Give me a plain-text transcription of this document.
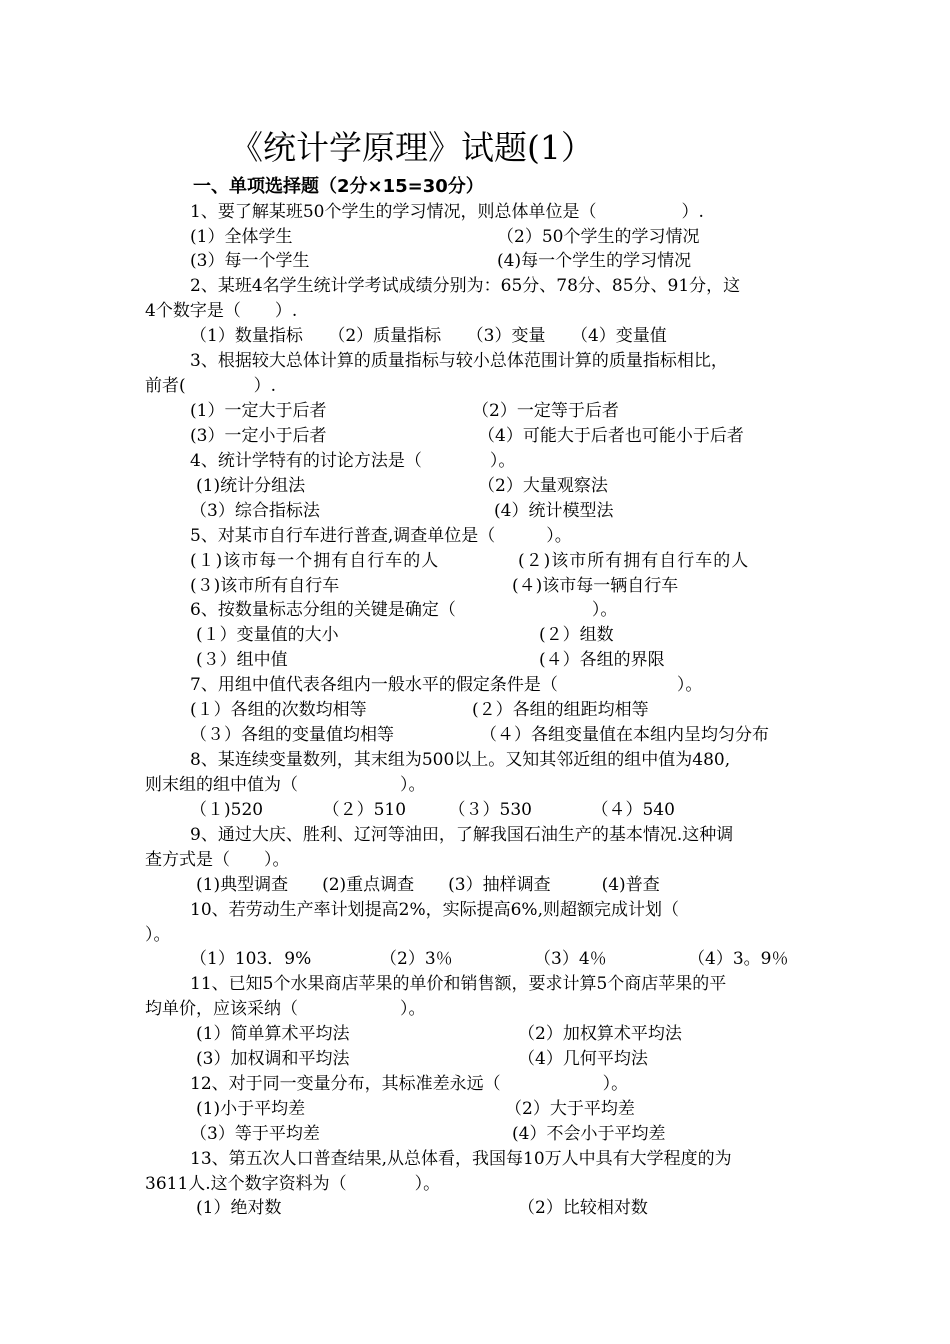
《统计学原理》试题(1）
一、单项选择题（2分×15=30分）
1、要了解某班50个学生的学习情况，则总体单位是（　　　　　）.
(1）全体学生	（2）50个学生的学习情况
(3）每一个学生	(4)每一个学生的学习情况
2、某班4名学生统计学考试成绩分别为：65分、78分、85分、91分，这
4个数字是（　　）.
（1）数量指标　　（2）质量指标　　（3）变量　　（4）变量值
3、根据较大总体计算的质量指标与较小总体范围计算的质量指标相比，
前者(　　　　）.
(1）一定大于后者	（2）一定等于后者
(3）一定小于后者	（4）可能大于后者也可能小于后者
4、统计学特有的讨论方法是（　　　　）。
(1)统计分组法	（2）大量观察法
（3）综合指标法	(4）统计模型法
5、对某市自行车进行普查,调查单位是（　　　）。
(１)该市每一个拥有自行车的人	(２)该市所有拥有自行车的人
(３)该市所有自行车	(４)该市每一辆自行车
6、按数量标志分组的关键是确定（　　　　　　　　）。
(１）变量值的大小	(２）组数
(３）组中值	(４）各组的界限
7、用组中值代表各组内一般水平的假定条件是（　　　　　　　）。
(１）各组的次数均相等	(２）各组的组距均相等
（３）各组的变量值均相等	（４）各组变量值在本组内呈均匀分布
8、某连续变量数列，其末组为500以上。又知其邻近组的组中值为480,
则末组的组中值为（　　　　　　）。
（１)520　　　　（２）510　　　（３）530　　　　（４）540
9、通过大庆、胜利、辽河等油田，了解我国石油生产的基本情况.这种调
查方式是（　　）。
(1)典型调查　　(2)重点调查　　(3）抽样调查　　　(4)普查
10、若劳动生产率计划提高2%，实际提高6%,则超额完成计划（
）。
（1）103．9%	（2）3％	（3）4％	（4）3。9％
11、已知5个水果商店苹果的单价和销售额，要求计算5个商店苹果的平
均单价，应该采纳（　　　　　　）。
(1）简单算术平均法	（2）加权算术平均法
(3）加权调和平均法	（4）几何平均法
12、对于同一变量分布，其标准差永远（　　　　　　）。
(1)小于平均差	（2）大于平均差
（3）等于平均差	(4）不会小于平均差
13、第五次人口普查结果,从总体看，我国每10万人中具有大学程度的为
3611人.这个数字资料为（　　　　）。
(1）绝对数	（2）比较相对数
